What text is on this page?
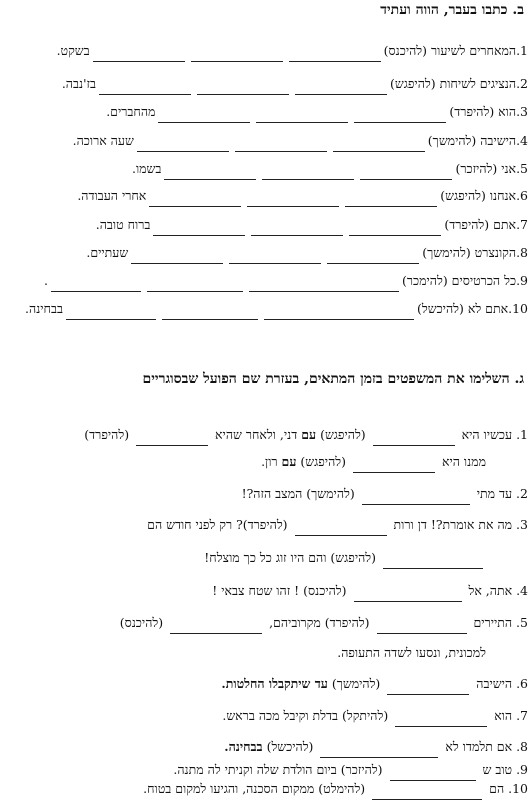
ב. כתבו בעבר, הווה ועתיד
1.המאחרים לשיעור (להיכנס)בשקט.
2.הנציגים לשיחות (להיפגש)בז'נבה.
3.הוא (להיפרד)מהחברים.
4.הישיבה (להימשך)שעה ארוכה.
5.אני (להיזכר)בשמו.
6.אנחנו (להיפגש)אחרי העבודה.
7.אתם (להיפרד)ברוח טובה.
8.הקונצרט (להימשך)שעתיים.
9.כל הכרטיסים (להימכר).
10.אתם לא (להיכשל)בבחינה.
ג. השלימו את המשפטים בזמן המתאים, בעזרת שם הפועל שבסוגריים
1. עכשיו היא  (להיפגש) עם דני, ולאחר שהיא  (להיפרד)
ממנו היא  (להיפגש) עם רון.
2. עד מתי  (להימשך) המצב הזה?!
3. מה את אומרת?! דן ורות  (להיפרד)? רק לפני חודש הם
(להיפגש) והם היו זוג כל כך מוצלח!
4. אתה, אל  (להיכנס) ! זהו שטח צבאי !
5. התיירים  (להיפרד) מקרוביהם,  (להיכנס)
למכונית, ונסעו לשדה התעופה.
6. הישיבה  (להימשך) עד שיתקבלו החלטות.
7. הוא  (להיתקל) בדלת וקיבל מכה בראש.
8. אם תלמדו לא  (להיכשל) בבחינה.
9. טוב ש  (להיזכר) ביום הולדת שלה וקניתי לה מתנה.
10. הם  (להימלט) ממקום הסכנה, והגיעו למקום בטוח.
